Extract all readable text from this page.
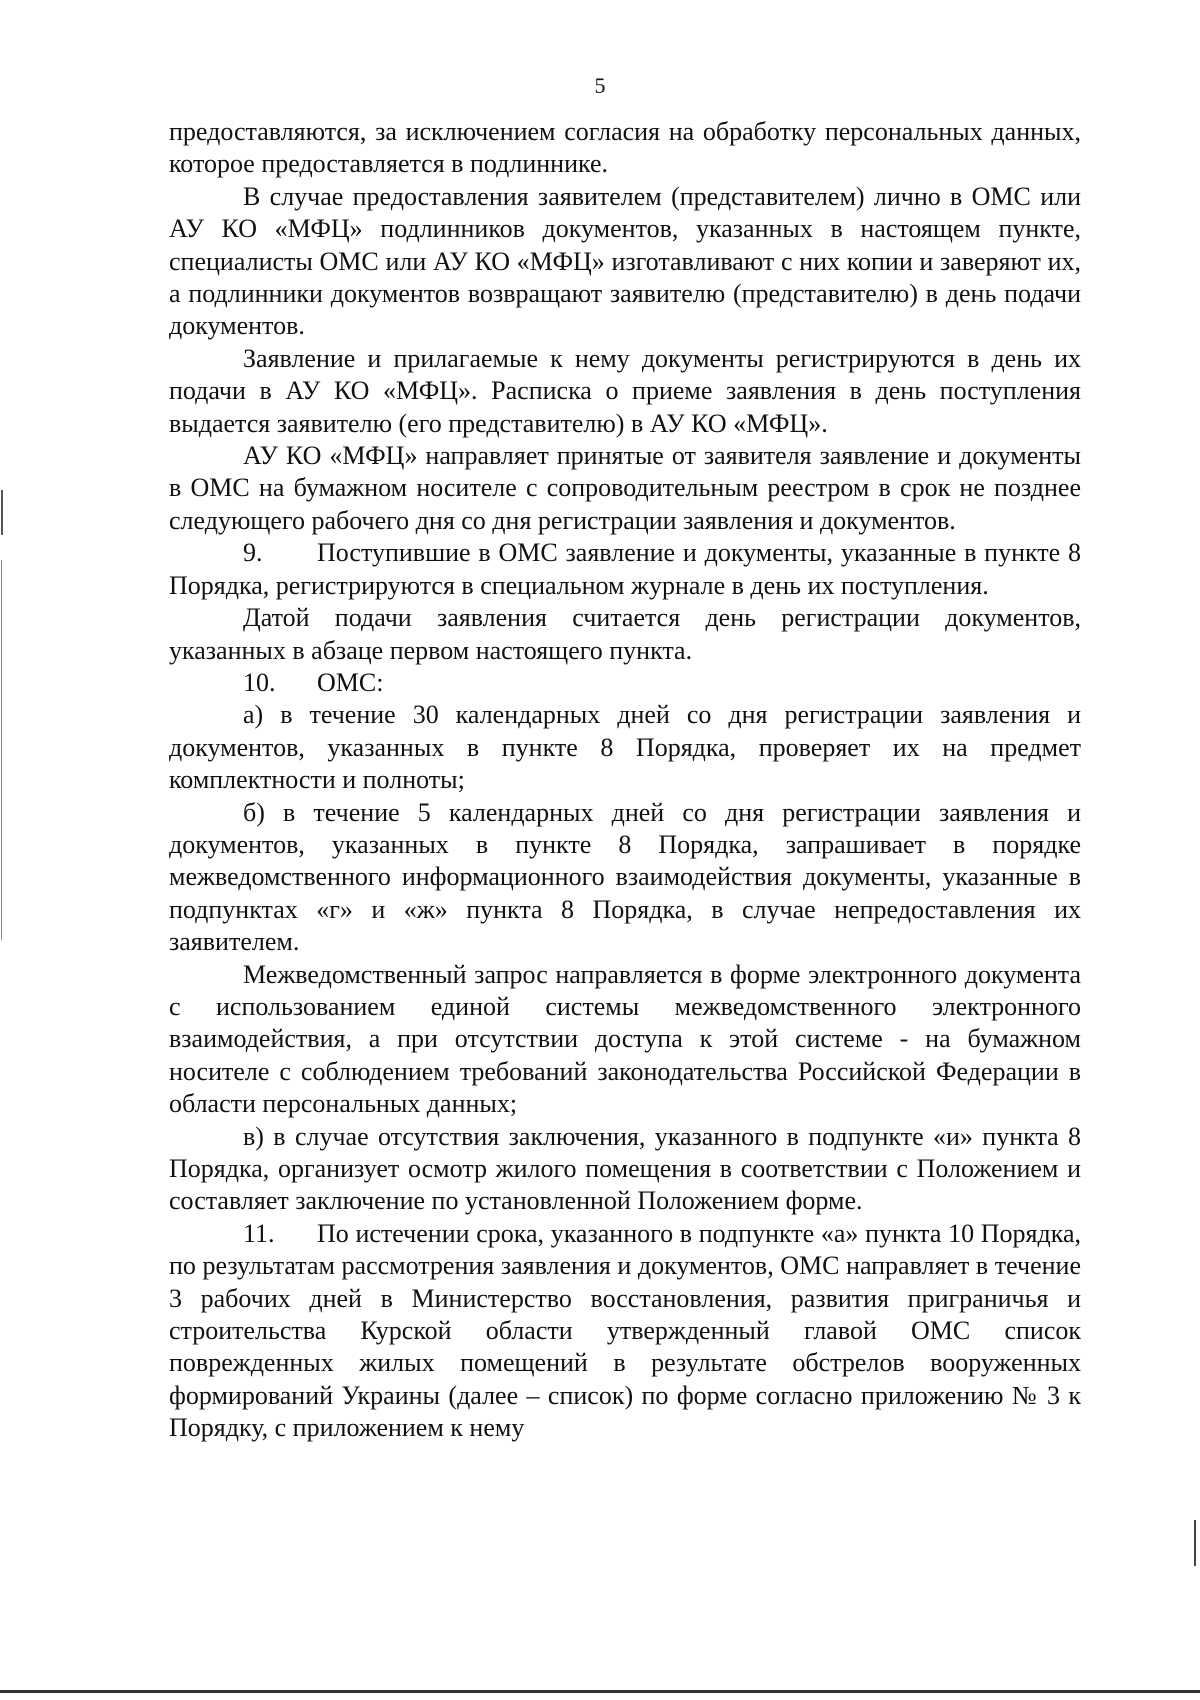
5

предоставляются, за исключением согласия на обработку персональных данных, которое предоставляется в подлиннике.

В случае предоставления заявителем (представителем) лично в ОМС или АУ КО «МФЦ» подлинников документов, указанных в настоящем пункте, специалисты ОМС или АУ КО «МФЦ» изготавливают с них копии и заверяют их, а подлинники документов возвращают заявителю (представителю) в день подачи документов.

Заявление и прилагаемые к нему документы регистрируются в день их подачи в АУ КО «МФЦ». Расписка о приеме заявления в день поступления выдается заявителю (его представителю) в АУ КО «МФЦ».

АУ КО «МФЦ» направляет принятые от заявителя заявление и документы в ОМС на бумажном носителе с сопроводительным реестром в срок не позднее следующего рабочего дня со дня регистрации заявления и документов.

9. Поступившие в ОМС заявление и документы, указанные в пункте 8 Порядка, регистрируются в специальном журнале в день их поступления.

Датой подачи заявления считается день регистрации документов, указанных в абзаце первом настоящего пункта.

10. ОМС:

а) в течение 30 календарных дней со дня регистрации заявления и документов, указанных в пункте 8 Порядка, проверяет их на предмет комплектности и полноты;

б) в течение 5 календарных дней со дня регистрации заявления и документов, указанных в пункте 8 Порядка, запрашивает в порядке межведомственного информационного взаимодействия документы, указанные в подпунктах «г» и «ж» пункта 8 Порядка, в случае непредоставления их заявителем.

Межведомственный запрос направляется в форме электронного документа с использованием единой системы межведомственного электронного взаимодействия, а при отсутствии доступа к этой системе - на бумажном носителе с соблюдением требований законодательства Российской Федерации в области персональных данных;

в) в случае отсутствия заключения, указанного в подпункте «и» пункта 8 Порядка, организует осмотр жилого помещения в соответствии с Положением и составляет заключение по установленной Положением форме.

11. По истечении срока, указанного в подпункте «а» пункта 10 Порядка, по результатам рассмотрения заявления и документов, ОМС направляет в течение 3 рабочих дней в Министерство восстановления, развития приграничья и строительства Курской области утвержденный главой ОМС список поврежденных жилых помещений в результате обстрелов вооруженных формирований Украины (далее – список) по форме согласно приложению № 3 к Порядку, с приложением к нему
